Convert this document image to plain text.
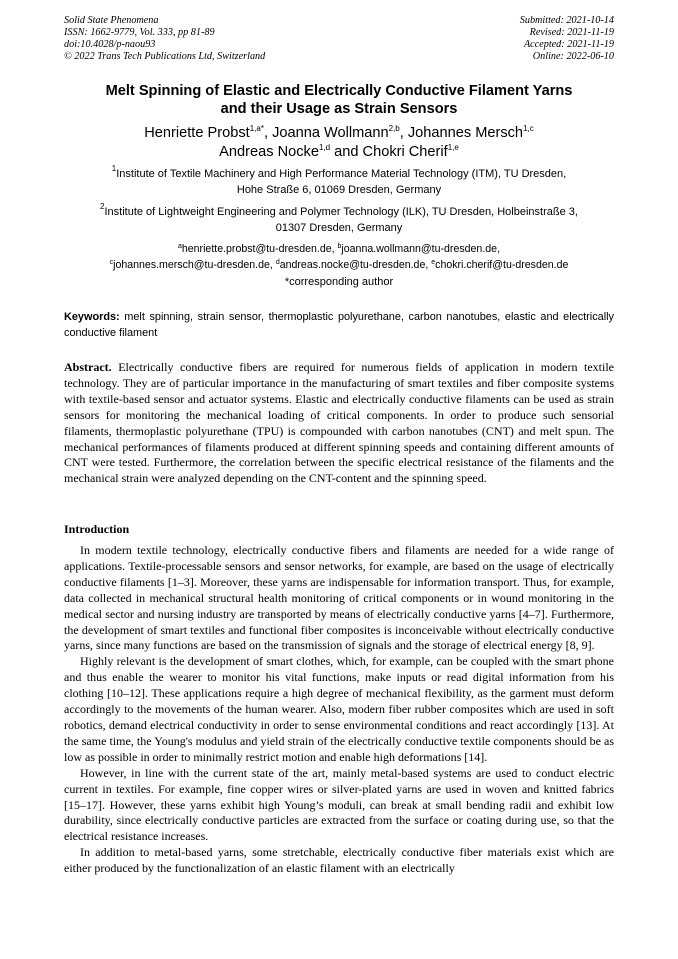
Solid State Phenomena
ISSN: 1662-9779, Vol. 333, pp 81-89
doi:10.4028/p-naou93
© 2022 Trans Tech Publications Ltd, Switzerland
Submitted: 2021-10-14
Revised: 2021-11-19
Accepted: 2021-11-19
Online: 2022-06-10
Melt Spinning of Elastic and Electrically Conductive Filament Yarns
and their Usage as Strain Sensors
Henriette Probst$^{1,a*}$, Joanna Wollmann$^{2,b}$, Johannes Mersch$^{1,c}$
Andreas Nocke$^{1,d}$ and Chokri Cherif$^{1,e}$
$^1$Institute of Textile Machinery and High Performance Material Technology (ITM), TU Dresden,
Hohe Straße 6, 01069 Dresden, Germany
$^2$Institute of Lightweight Engineering and Polymer Technology (ILK), TU Dresden, Holbeinstraße 3,
01307 Dresden, Germany
$^a$henriette.probst@tu-dresden.de, $^b$joanna.wollmann@tu-dresden.de,
$^c$johannes.mersch@tu-dresden.de, $^d$andreas.nocke@tu-dresden.de, $^e$chokri.cherif@tu-dresden.de
*corresponding author
Keywords: melt spinning, strain sensor, thermoplastic polyurethane, carbon nanotubes, elastic and electrically conductive filament
Abstract. Electrically conductive fibers are required for numerous fields of application in modern textile technology. They are of particular importance in the manufacturing of smart textiles and fiber composite systems with textile-based sensor and actuator systems. Elastic and electrically conductive filaments can be used as strain sensors for monitoring the mechanical loading of critical components. In order to produce such sensorial filaments, thermoplastic polyurethane (TPU) is compounded with carbon nanotubes (CNT) and melt spun. The mechanical performances of filaments produced at different spinning speeds and containing different amounts of CNT were tested. Furthermore, the correlation between the specific electrical resistance of the filaments and the mechanical strain were analyzed depending on the CNT-content and the spinning speed.
Introduction

In modern textile technology, electrically conductive fibers and filaments are needed for a wide range of applications. Textile-processable sensors and sensor networks, for example, are based on the usage of electrically conductive filaments [1–3]. Moreover, these yarns are indispensable for information transport. Thus, for example, data collected in mechanical structural health monitoring of critical components or in wound monitoring in the medical sector and nursing industry are transported by means of electrically conductive yarns [4–7]. Furthermore, the development of smart textiles and functional fiber composites is inconceivable without electrically conductive yarns, since many functions are based on the transmission of signals and the storage of electrical energy [8, 9].

Highly relevant is the development of smart clothes, which, for example, can be coupled with the smart phone and thus enable the wearer to monitor his vital functions, make inputs or read digital information from his clothing [10–12]. These applications require a high degree of mechanical flexibility, as the garment must deform accordingly to the movements of the human wearer. Also, modern fiber rubber composites which are used in soft robotics, demand electrical conductivity in order to sense environmental conditions and react accordingly [13]. At the same time, the Young's modulus and yield strain of the electrically conductive textile components should be as low as possible in order to minimally restrict motion and enable high deformations [14].

However, in line with the current state of the art, mainly metal-based systems are used to conduct electric current in textiles. For example, fine copper wires or silver-plated yarns are used in woven and knitted fabrics [15–17]. However, these yarns exhibit high Young’s moduli, can break at small bending radii and exhibit low durability, since electrically conductive particles are extracted from the surface or coating during use, so that the electrical resistance increases.

In addition to metal-based yarns, some stretchable, electrically conductive fiber materials exist which are either produced by the functionalization of an elastic filament with an electrically
